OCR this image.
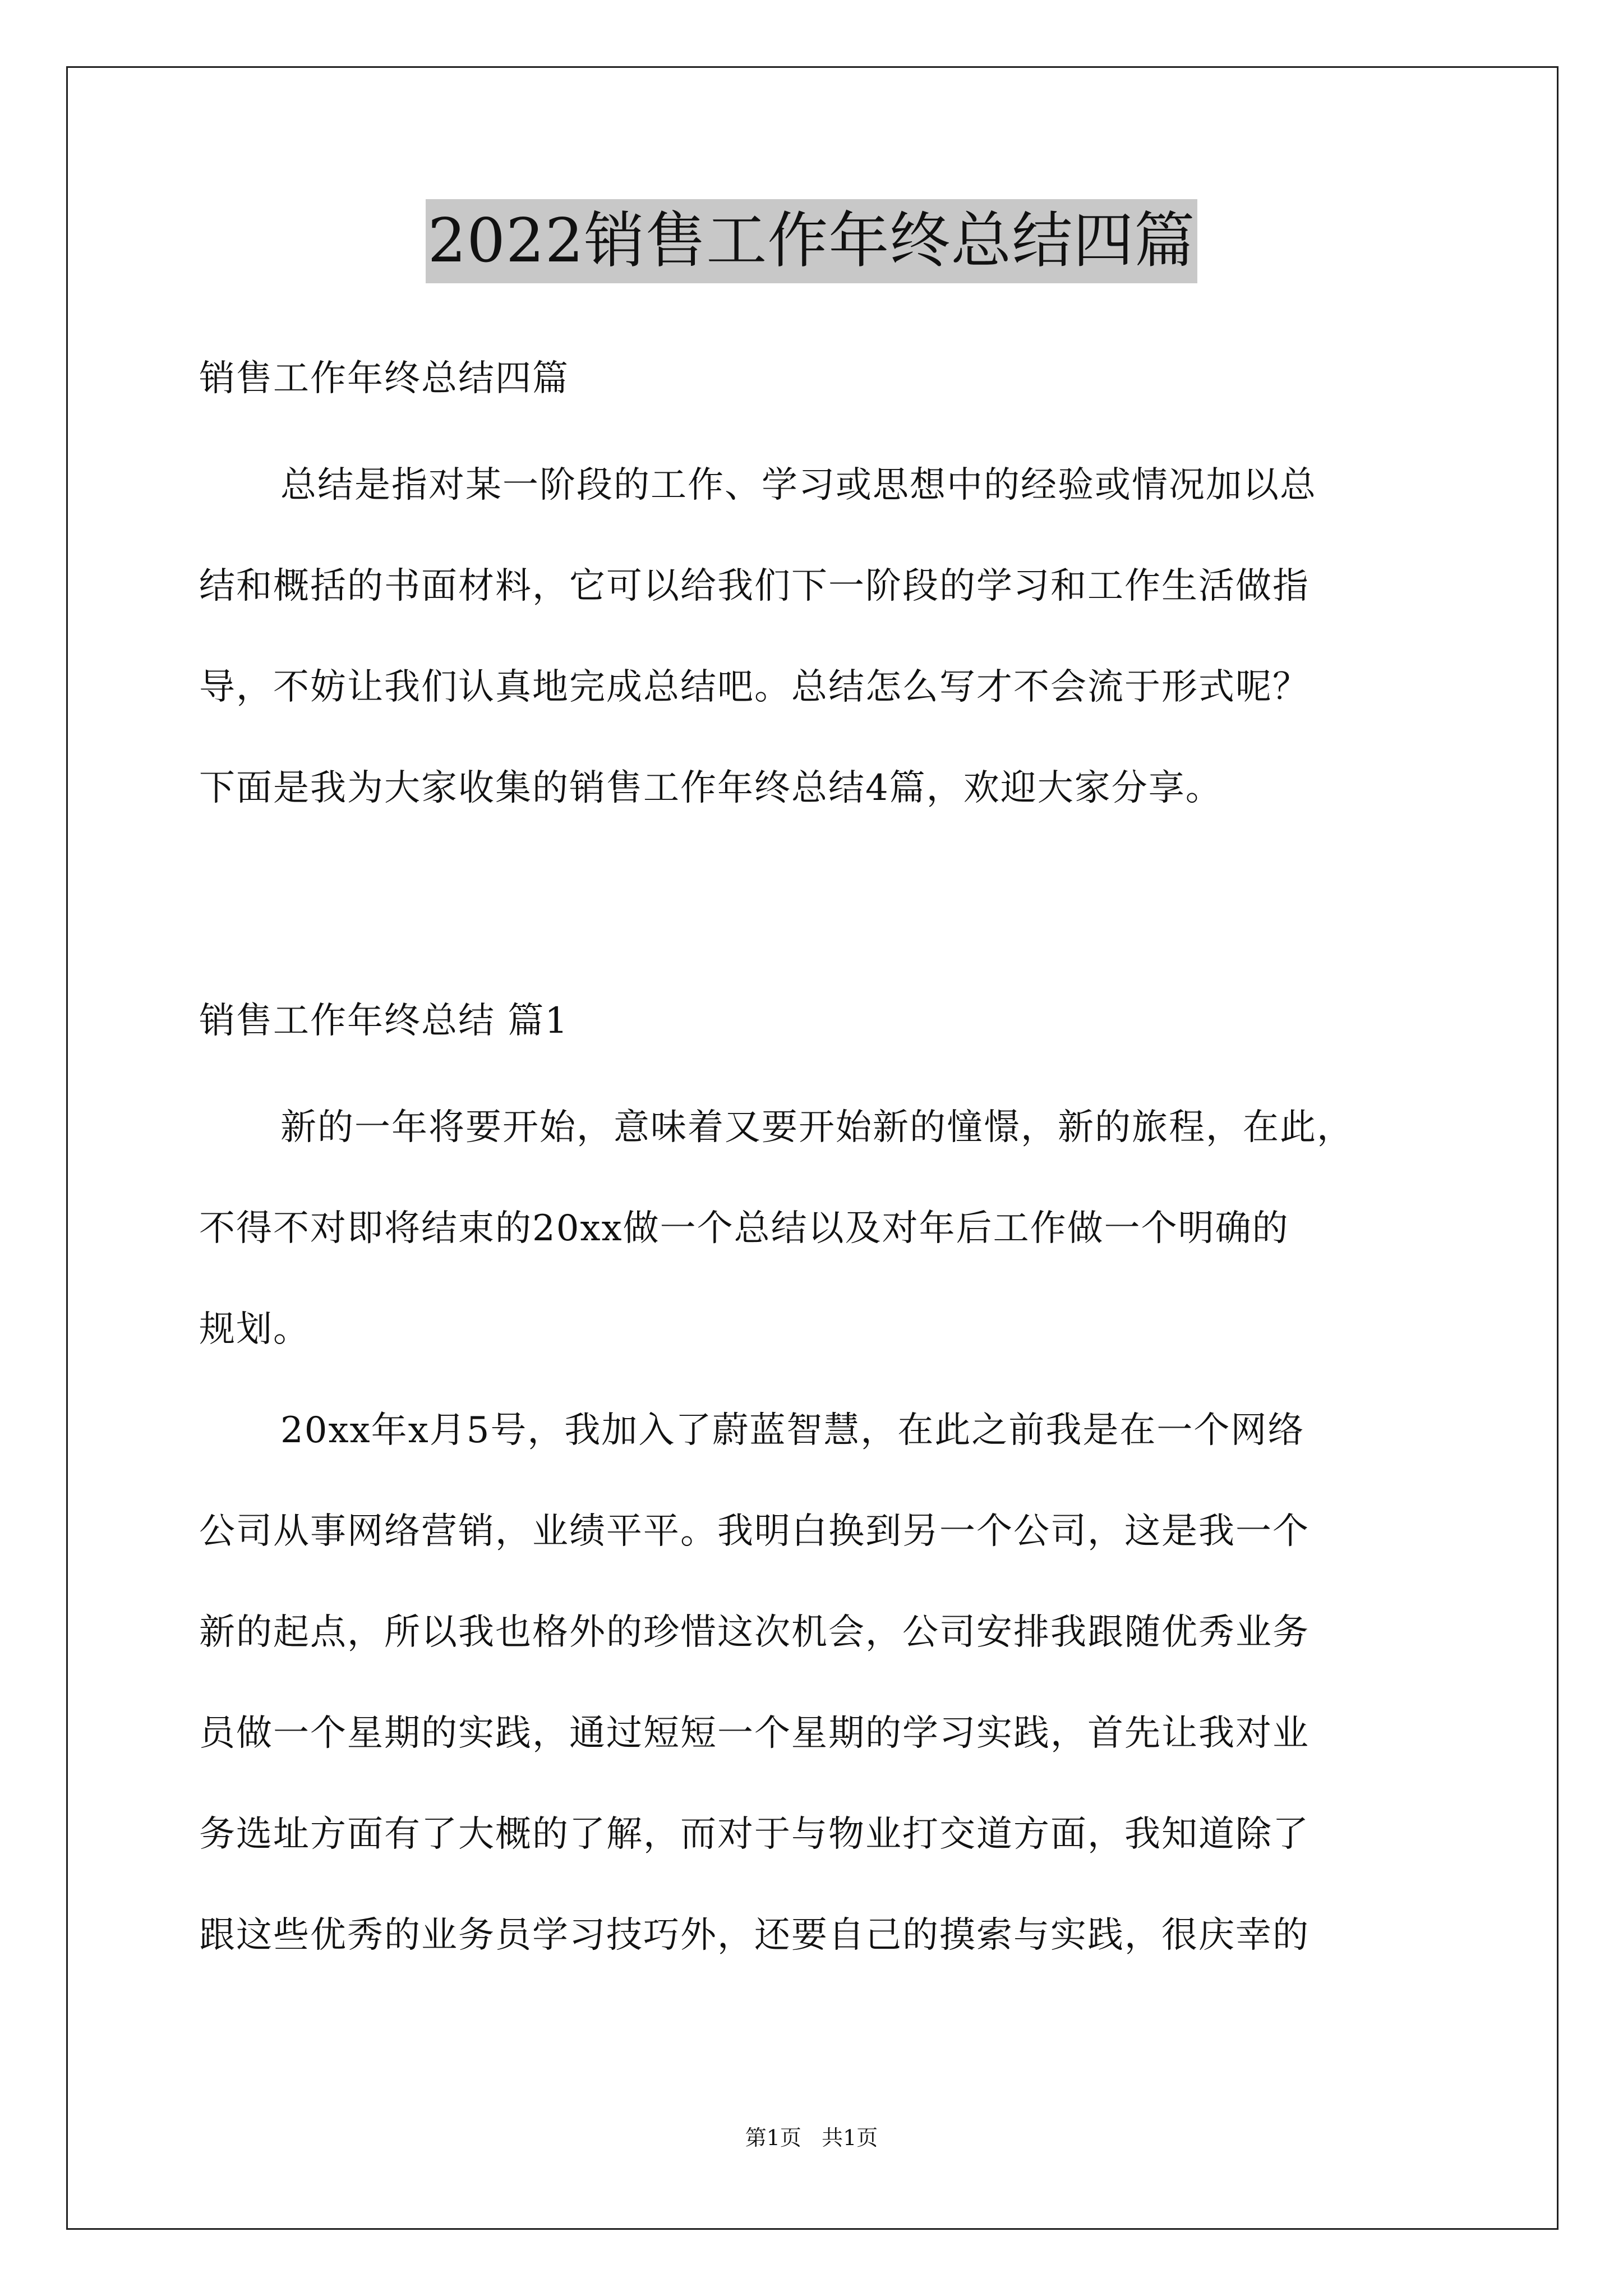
2022销售工作年终总结四篇
销售工作年终总结四篇
总结是指对某一阶段的工作、学习或思想中的经验或情况加以总
结和概括的书面材料，它可以给我们下一阶段的学习和工作生活做指
导，不妨让我们认真地完成总结吧。总结怎么写才不会流于形式呢？
下面是我为大家收集的销售工作年终总结4篇，欢迎大家分享。
销售工作年终总结 篇1
新的一年将要开始，意味着又要开始新的憧憬，新的旅程，在此，
不得不对即将结束的20xx做一个总结以及对年后工作做一个明确的
规划。
20xx年x月5号，我加入了蔚蓝智慧，在此之前我是在一个网络
公司从事网络营销，业绩平平。我明白换到另一个公司，这是我一个
新的起点，所以我也格外的珍惜这次机会，公司安排我跟随优秀业务
员做一个星期的实践，通过短短一个星期的学习实践，首先让我对业
务选址方面有了大概的了解，而对于与物业打交道方面，我知道除了
跟这些优秀的业务员学习技巧外，还要自己的摸索与实践，很庆幸的
第1页   共1页
